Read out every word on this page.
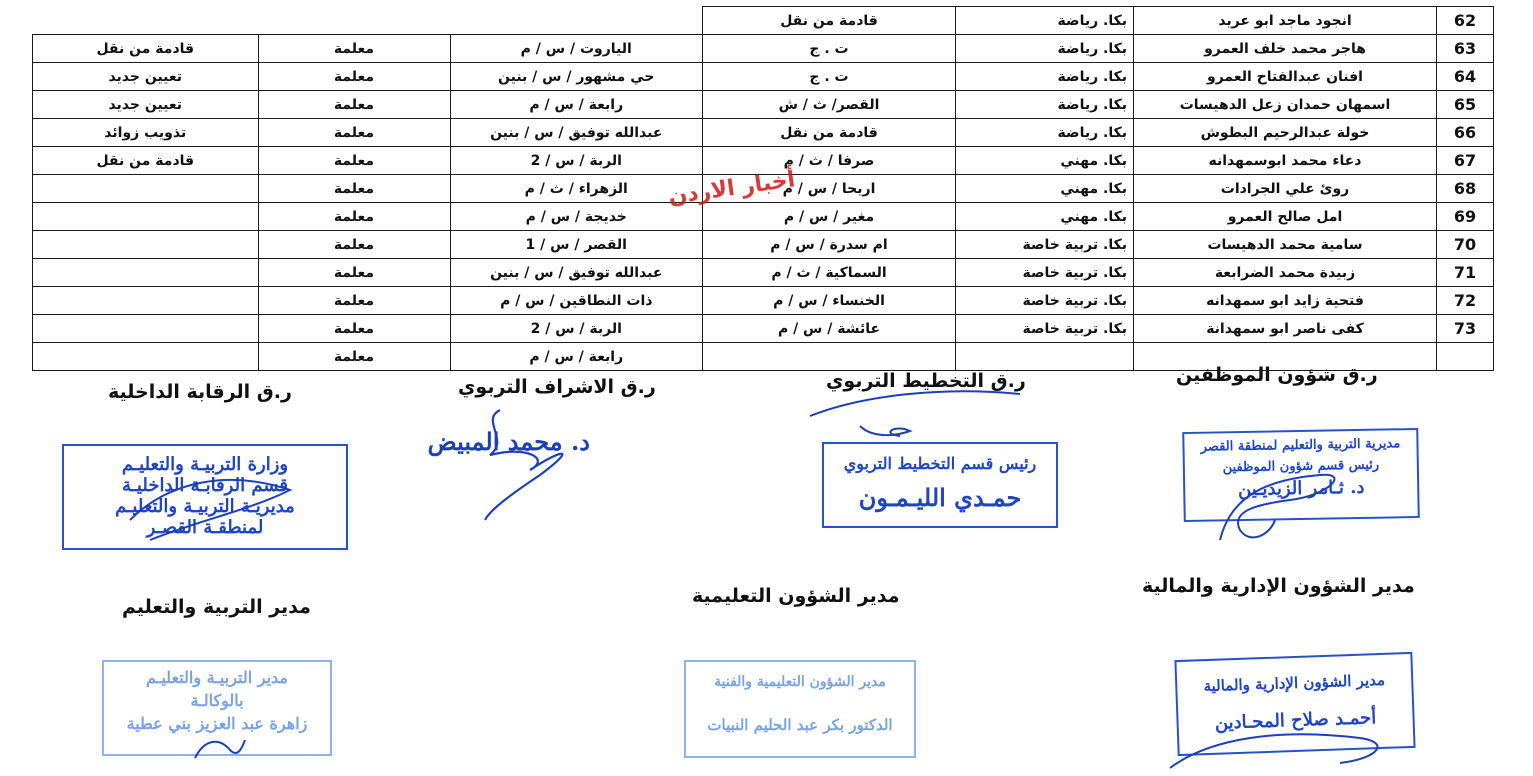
62	انجود ماجد ابو عريد	بكا. رياضة	قادمة من نقل			
63	هاجر محمد خلف العمرو	بكا. رياضة	ت . ج	الياروت / س / م	معلمة	قادمة من نقل
64	افنان عبدالفتاح العمرو	بكا. رياضة	ت . ج	حي مشهور / س / بنين	معلمة	تعيين جديد
65	اسمهان حمدان زعل الدهيسات	بكا. رياضة	القصر/ ث / ش	رابعة / س / م	معلمة	تعيين جديد
66	خولة عبدالرحيم البطوش	بكا. رياضة	قادمة من نقل	عبدالله توفيق / س / بنين	معلمة	تذويب زوائد
67	دعاء محمد ابوسمهدانه	بكا. مهني	صرفا / ث / م	الربة / س / 2	معلمة	قادمة من نقل
68	روئ علي الجرادات	بكا. مهني	اريحا / س / م	الزهراء / ث / م	معلمة	
69	امل صالح العمرو	بكا. مهني	مغير / س / م	خديجة / س / م	معلمة	
70	سامية محمد الدهيسات	بكا. تربية خاصة	ام سدرة / س / م	القصر / س / 1	معلمة	
71	زبيدة محمد الضرابعة	بكا. تربية خاصة	السماكية / ث / م	عبدالله توفيق / س / بنين	معلمة	
72	فتحية زايد ابو سمهدانه	بكا. تربية خاصة	الخنساء / س / م	ذات النطاقين / س / م	معلمة	
73	كفى ناصر ابو سمهدانة	بكا. تربية خاصة	عائشة / س / م	الربة / س / 2	معلمة	
				رابعة / س / م	معلمة	
أخبار الاردن
ر.ق شؤون الموظفين
ر.ق التخطيط التربوي
ر.ق الاشراف التربوي
ر.ق الرقابة الداخلية
مديرية التربية والتعليم لمنطقة القصر
رئيس قسم شؤون الموظفين
د. ثـامر الزيديـين
رئيس قسم التخطيط التربوي
حمـدي الليـمـون
وزارة التربيـة والتعليـم
قسم الرقابـة الداخليـة
مديريـة التربيـة والتعليـم
لمنطقـة القصـر
د. محمد المبيض
مدير الشؤون الإدارية والمالية
مدير الشؤون التعليمية
مدير التربية والتعليم
مدير الشؤون الإدارية والمالية
أحمـد صلاح المحـادين
مدير الشؤون التعليمية والفنية
الدكتور بكر عبد الحليم النبيات
مدير التربيـة والتعليـم
بالوكالـة
زاهرة عبد العزيز بني عطية
